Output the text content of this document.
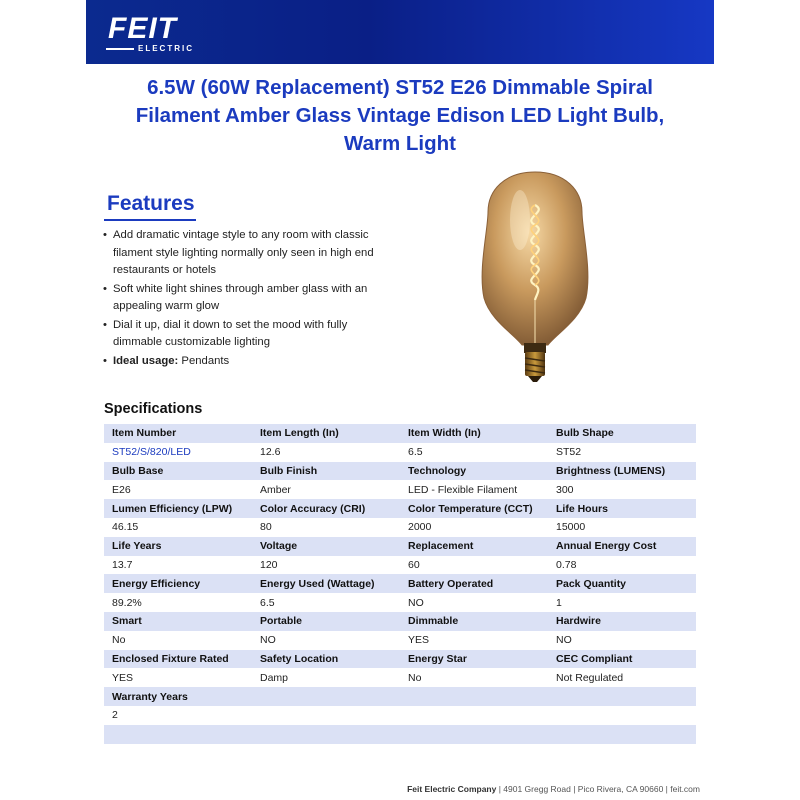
FEIT
ELECTRIC
6.5W (60W Replacement) ST52 E26 Dimmable Spiral
Filament Amber Glass Vintage Edison LED Light Bulb,
Warm Light
Features
• Add dramatic vintage style to any room with classic filament style lighting normally only seen in high end restaurants or hotels
• Soft white light shines through amber glass with an appealing warm glow
• Dial it up, dial it down to set the mood with fully dimmable customizable lighting
• Ideal usage: Pendants
Specifications
Item Number	Item Length (In)	Item Width (In)	Bulb Shape
ST52/S/820/LED	12.6	6.5	ST52
Bulb Base	Bulb Finish	Technology	Brightness (LUMENS)
E26	Amber	LED - Flexible Filament	300
Lumen Efficiency (LPW)	Color Accuracy (CRI)	Color Temperature (CCT)	Life Hours
46.15	80	2000	15000
Life Years	Voltage	Replacement	Annual Energy Cost
13.7	120	60	0.78
Energy Efficiency	Energy Used (Wattage)	Battery Operated	Pack Quantity
89.2%	6.5	NO	1
Smart	Portable	Dimmable	Hardwire
No	NO	YES	NO
Enclosed Fixture Rated	Safety Location	Energy Star	CEC Compliant
YES	Damp	No	Not Regulated
Warranty Years			
2			

Feit Electric Company | 4901 Gregg Road | Pico Rivera, CA 90660 | feit.com
